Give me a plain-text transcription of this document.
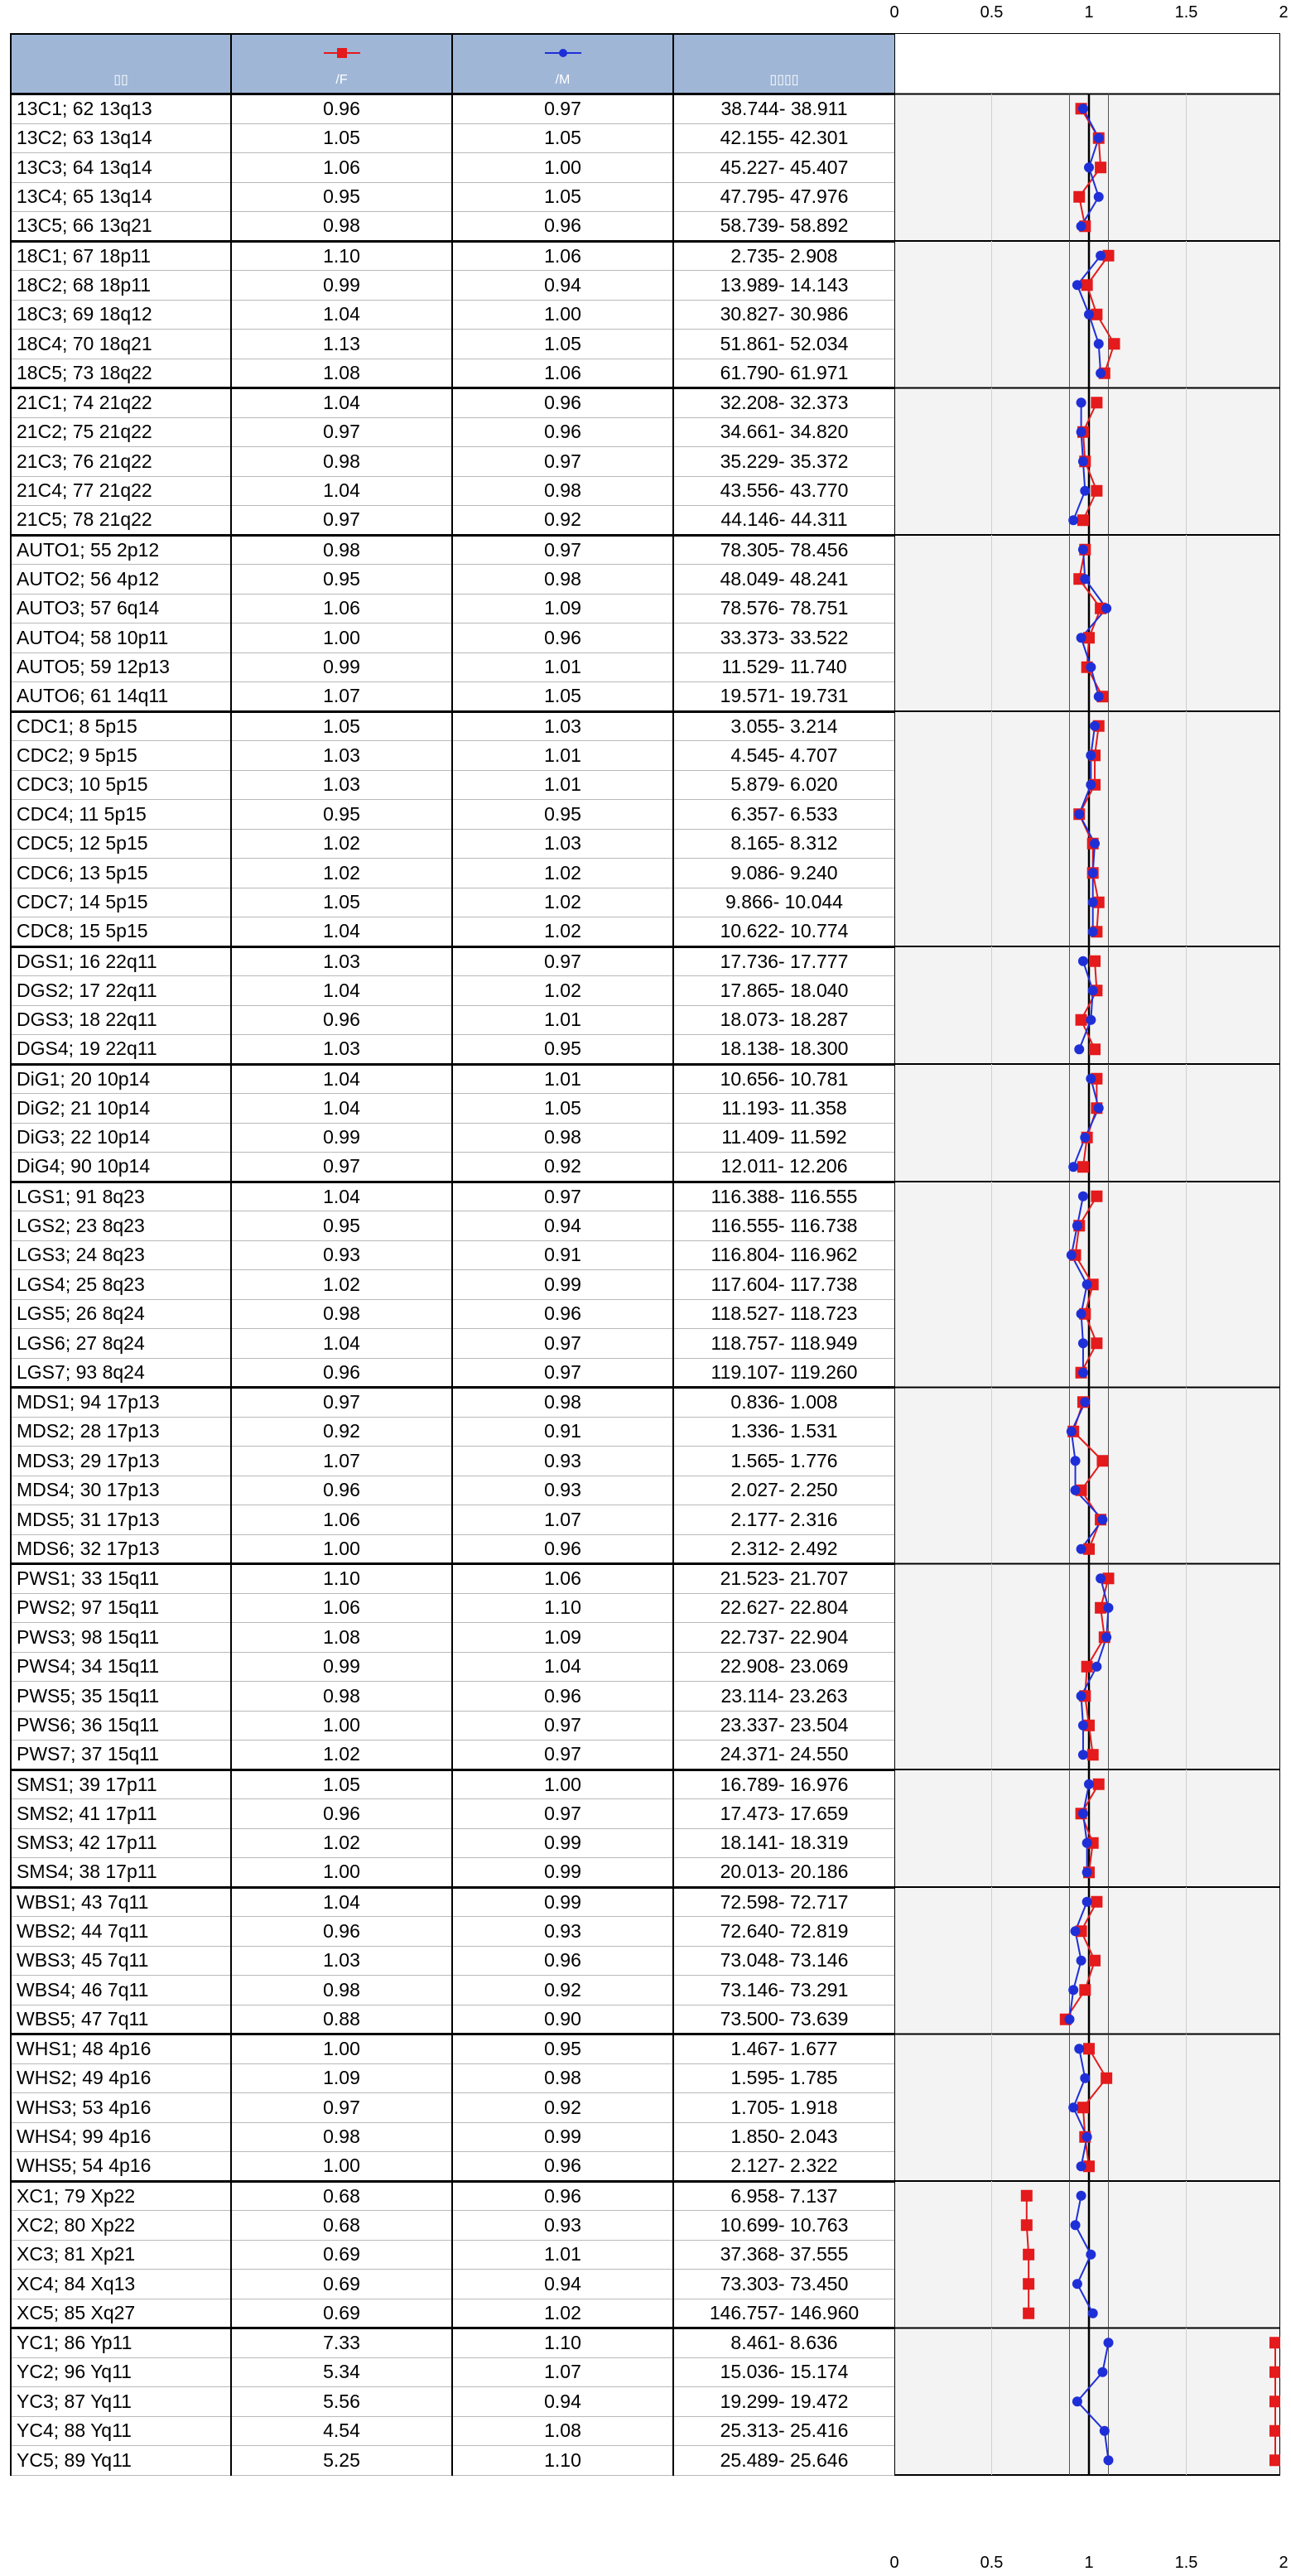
0	0.5	1	1.5	2
▯▯	/F	/M	▯▯▯▯

13C1; 62 13q13	0.96	0.97	38.744- 38.911
13C2; 63 13q14	1.05	1.05	42.155- 42.301
13C3; 64 13q14	1.06	1.00	45.227- 45.407
13C4; 65 13q14	0.95	1.05	47.795- 47.976
13C5; 66 13q21	0.98	0.96	58.739- 58.892
18C1; 67 18p11	1.10	1.06	2.735- 2.908
18C2; 68 18p11	0.99	0.94	13.989- 14.143
18C3; 69 18q12	1.04	1.00	30.827- 30.986
18C4; 70 18q21	1.13	1.05	51.861- 52.034
18C5; 73 18q22	1.08	1.06	61.790- 61.971
21C1; 74 21q22	1.04	0.96	32.208- 32.373
21C2; 75 21q22	0.97	0.96	34.661- 34.820
21C3; 76 21q22	0.98	0.97	35.229- 35.372
21C4; 77 21q22	1.04	0.98	43.556- 43.770
21C5; 78 21q22	0.97	0.92	44.146- 44.311
AUTO1; 55 2p12	0.98	0.97	78.305- 78.456
AUTO2; 56 4p12	0.95	0.98	48.049- 48.241
AUTO3; 57 6q14	1.06	1.09	78.576- 78.751
AUTO4; 58 10p11	1.00	0.96	33.373- 33.522
AUTO5; 59 12p13	0.99	1.01	11.529- 11.740
AUTO6; 61 14q11	1.07	1.05	19.571- 19.731
CDC1; 8 5p15	1.05	1.03	3.055- 3.214
CDC2; 9 5p15	1.03	1.01	4.545- 4.707
CDC3; 10 5p15	1.03	1.01	5.879- 6.020
CDC4; 11 5p15	0.95	0.95	6.357- 6.533
CDC5; 12 5p15	1.02	1.03	8.165- 8.312
CDC6; 13 5p15	1.02	1.02	9.086- 9.240
CDC7; 14 5p15	1.05	1.02	9.866- 10.044
CDC8; 15 5p15	1.04	1.02	10.622- 10.774
DGS1; 16 22q11	1.03	0.97	17.736- 17.777
DGS2; 17 22q11	1.04	1.02	17.865- 18.040
DGS3; 18 22q11	0.96	1.01	18.073- 18.287
DGS4; 19 22q11	1.03	0.95	18.138- 18.300
DiG1; 20 10p14	1.04	1.01	10.656- 10.781
DiG2; 21 10p14	1.04	1.05	11.193- 11.358
DiG3; 22 10p14	0.99	0.98	11.409- 11.592
DiG4; 90 10p14	0.97	0.92	12.011- 12.206
LGS1; 91 8q23	1.04	0.97	116.388- 116.555
LGS2; 23 8q23	0.95	0.94	116.555- 116.738
LGS3; 24 8q23	0.93	0.91	116.804- 116.962
LGS4; 25 8q23	1.02	0.99	117.604- 117.738
LGS5; 26 8q24	0.98	0.96	118.527- 118.723
LGS6; 27 8q24	1.04	0.97	118.757- 118.949
LGS7; 93 8q24	0.96	0.97	119.107- 119.260
MDS1; 94 17p13	0.97	0.98	0.836- 1.008
MDS2; 28 17p13	0.92	0.91	1.336- 1.531
MDS3; 29 17p13	1.07	0.93	1.565- 1.776
MDS4; 30 17p13	0.96	0.93	2.027- 2.250
MDS5; 31 17p13	1.06	1.07	2.177- 2.316
MDS6; 32 17p13	1.00	0.96	2.312- 2.492
PWS1; 33 15q11	1.10	1.06	21.523- 21.707
PWS2; 97 15q11	1.06	1.10	22.627- 22.804
PWS3; 98 15q11	1.08	1.09	22.737- 22.904
PWS4; 34 15q11	0.99	1.04	22.908- 23.069
PWS5; 35 15q11	0.98	0.96	23.114- 23.263
PWS6; 36 15q11	1.00	0.97	23.337- 23.504
PWS7; 37 15q11	1.02	0.97	24.371- 24.550
SMS1; 39 17p11	1.05	1.00	16.789- 16.976
SMS2; 41 17p11	0.96	0.97	17.473- 17.659
SMS3; 42 17p11	1.02	0.99	18.141- 18.319
SMS4; 38 17p11	1.00	0.99	20.013- 20.186
WBS1; 43 7q11	1.04	0.99	72.598- 72.717
WBS2; 44 7q11	0.96	0.93	72.640- 72.819
WBS3; 45 7q11	1.03	0.96	73.048- 73.146
WBS4; 46 7q11	0.98	0.92	73.146- 73.291
WBS5; 47 7q11	0.88	0.90	73.500- 73.639
WHS1; 48 4p16	1.00	0.95	1.467- 1.677
WHS2; 49 4p16	1.09	0.98	1.595- 1.785
WHS3; 53 4p16	0.97	0.92	1.705- 1.918
WHS4; 99 4p16	0.98	0.99	1.850- 2.043
WHS5; 54 4p16	1.00	0.96	2.127- 2.322
XC1; 79 Xp22	0.68	0.96	6.958- 7.137
XC2; 80 Xp22	0.68	0.93	10.699- 10.763
XC3; 81 Xp21	0.69	1.01	37.368- 37.555
XC4; 84 Xq13	0.69	0.94	73.303- 73.450
XC5; 85 Xq27	0.69	1.02	146.757- 146.960
YC1; 86 Yp11	7.33	1.10	8.461- 8.636
YC2; 96 Yq11	5.34	1.07	15.036- 15.174
YC3; 87 Yq11	5.56	0.94	19.299- 19.472
YC4; 88 Yq11	4.54	1.08	25.313- 25.416
YC5; 89 Yq11	5.25	1.10	25.489- 25.646
0	0.5	1	1.5	2
